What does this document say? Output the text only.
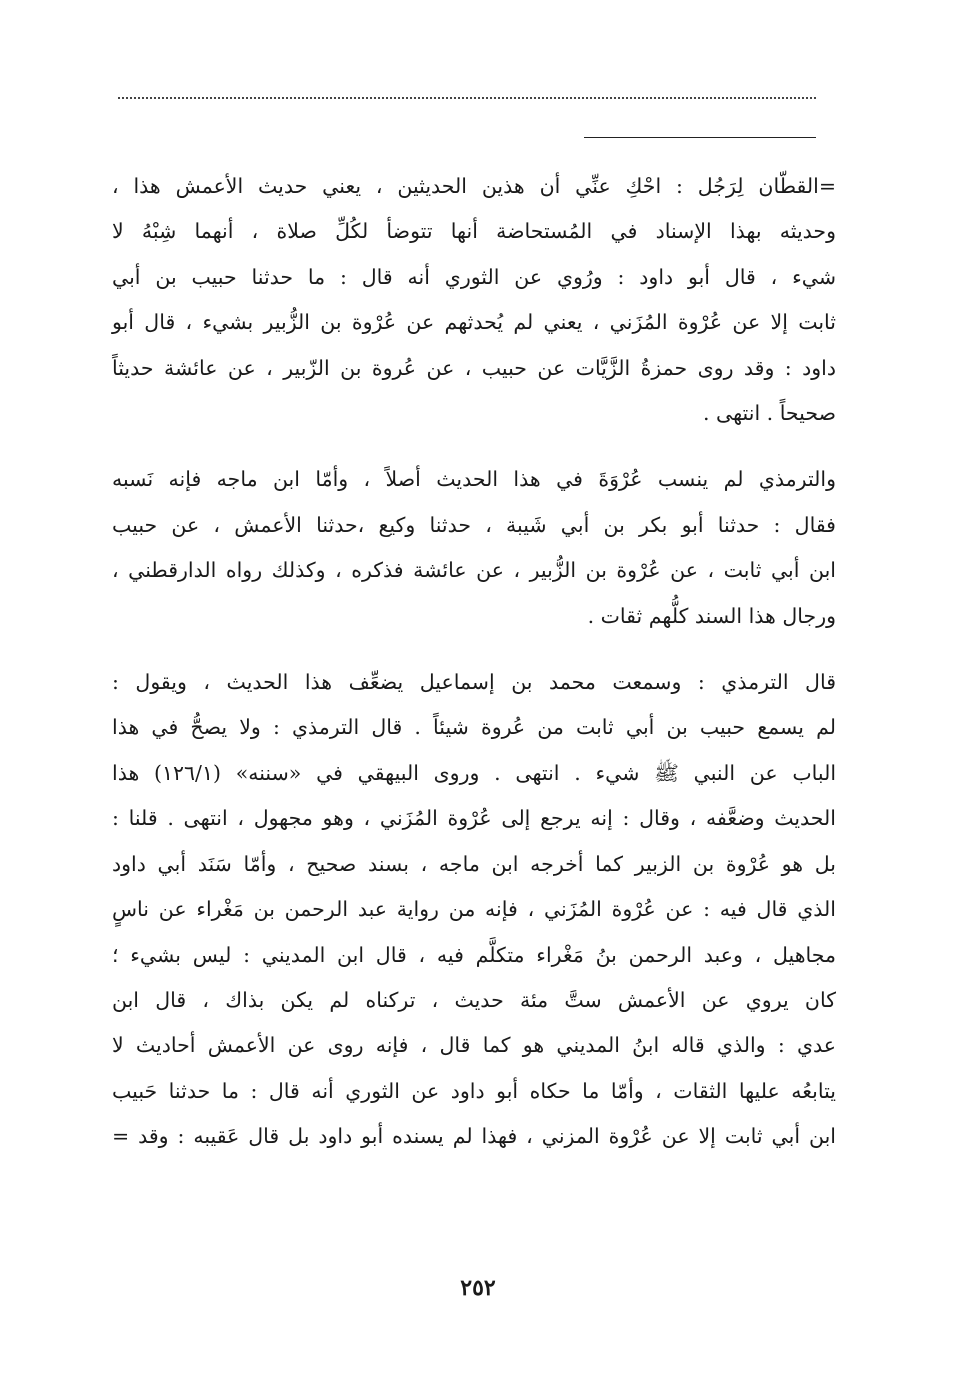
=القطّان لِرَجُل : احْكِ عنِّي أن هذين الحديثين ، يعني حديث الأعمش هذا ،
وحديثه بهذا الإسناد في المُستحاضة أنها تتوضأ لكُلِّ صلاة ، أنهما شِبْهُ لا
شيء ، قال أبو داود : ورُوي عن الثوري أنه قال : ما حدثنا حبيب بن أبي
ثابت إلا عن عُرْوة المُزَني ، يعني لم يُحدثهم عن عُرْوة بن الزُّبير بشيء ، قال أبو
داود : وقد روى حمزةُ الزَّيَّات عن حبيب ، عن عُروة بن الزّبير ، عن عائشة حديثاً
صحيحاً . انتهى .
والترمذي لم ينسب عُرْوَةَ في هذا الحديث أصلاً ، وأمّا ابن ماجه فإنه نَسبه
فقال : حدثنا أبو بكر بن أبي شَيبة ، حدثنا وكيع ،حدثنا الأعمش ، عن حبيب
ابن أبي ثابت ، عن عُرْوة بن الزُّبير ، عن عائشة فذكره ، وكذلك رواه الدارقطني ،
ورجال هذا السند كلُّهم ثقات .
قال الترمذي : وسمعت محمد بن إسماعيل يضعِّف هذا الحديث ، ويقول :
لم يسمع حبيب بن أبي ثابت من عُروة شيئاً . قال الترمذي : ولا يصحُّ في هذا
الباب عن النبي ﷺ شيء . انتهى . وروى البيهقي في «سننه» (١٢٦/١) هذا
الحديث وضعَّفه ، وقال : إنه يرجع إلى عُرْوة المُزَني ، وهو مجهول ، انتهى . قلنا :
بل هو عُرْوة بن الزبير كما أخرجه ابن ماجه ، بسند صحيح ، وأمّا سَنَد أبي داود
الذي قال فيه : عن عُرْوة المُزَني ، فإنه من رواية عبد الرحمن بن مَغْراء عن ناسٍ
مجاهيل ، وعبد الرحمن بنُ مَغْراء متكلَّم فيه ، قال ابن المديني : ليس بشيء ؛
كان يروي عن الأعمش ستَّ مئة حديث ، تركناه لم يكن بذاك ، قال ابن
عدي : والذي قاله ابنُ المديني هو كما قال ، فإنه روى عن الأعمش أحاديث لا
يتابعُه عليها الثقات ، وأمّا ما حكاه أبو داود عن الثوري أنه قال : ما حدثنا حَبيب
ابن أبي ثابت إلا عن عُرْوة المزني ، فهذا لم يسنده أبو داود بل قال عَقيبه : وقد =
٢٥٢
